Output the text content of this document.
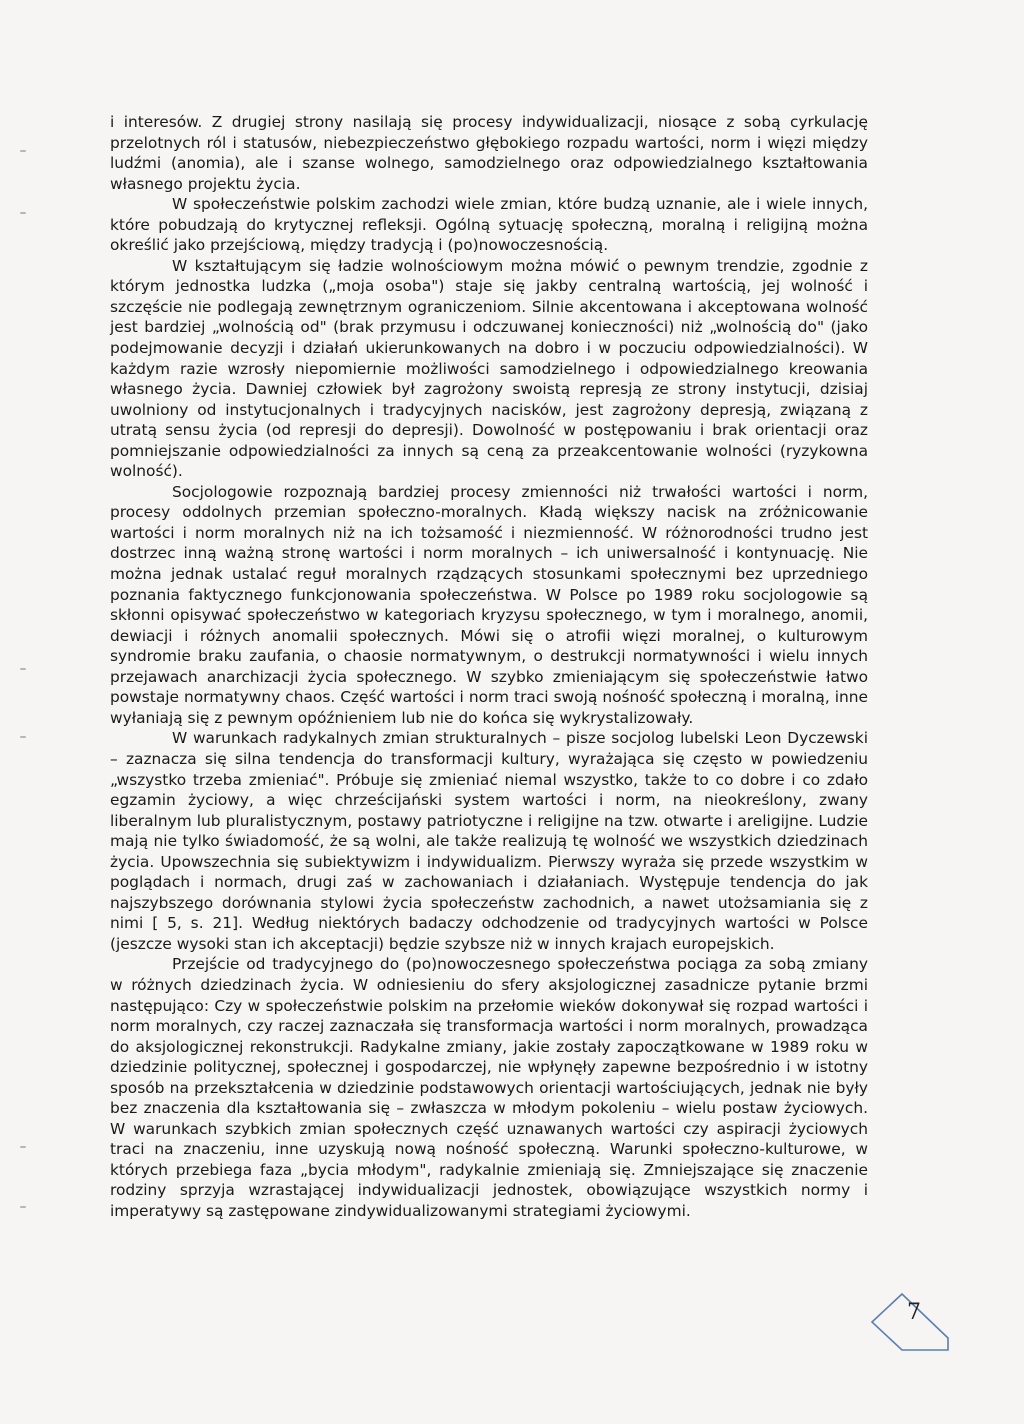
i interesów. Z drugiej strony nasilają się procesy indywidualizacji, niosące z sobą cyrkulację przelotnych ról i statusów, niebezpieczeństwo głębokiego rozpadu wartości, norm i więzi między ludźmi (anomia), ale i szanse wolnego, samodzielnego oraz odpowiedzialnego kształtowania własnego projektu życia.

W społeczeństwie polskim zachodzi wiele zmian, które budzą uznanie, ale i wiele innych, które pobudzają do krytycznej refleksji. Ogólną sytuację społeczną, moralną i religijną można określić jako przejściową, między tradycją i (po)nowoczesnością.

W kształtującym się ładzie wolnościowym można mówić o pewnym trendzie, zgodnie z którym jednostka ludzka („moja osoba") staje się jakby centralną wartością, jej wolność i szczęście nie podlegają zewnętrznym ograniczeniom. Silnie akcentowana i akceptowana wolność jest bardziej „wolnością od" (brak przymusu i odczuwanej konieczności) niż „wolnością do" (jako podejmowanie decyzji i działań ukierunkowanych na dobro i w poczuciu odpowiedzialności). W każdym razie wzrosły niepomiernie możliwości samodzielnego i odpowiedzialnego kreowania własnego życia. Dawniej człowiek był zagrożony swoistą represją ze strony instytucji, dzisiaj uwolniony od instytucjonalnych i tradycyjnych nacisków, jest zagrożony depresją, związaną z utratą sensu życia (od represji do depresji). Dowolność w postępowaniu i brak orientacji oraz pomniejszanie odpowiedzialności za innych są ceną za przeakcentowanie wolności (ryzykowna wolność).

Socjologowie rozpoznają bardziej procesy zmienności niż trwałości wartości i norm, procesy oddolnych przemian społeczno-moralnych. Kładą większy nacisk na zróżnicowanie wartości i norm moralnych niż na ich tożsamość i niezmienność. W różnorodności trudno jest dostrzec inną ważną stronę wartości i norm moralnych – ich uniwersalność i kontynuację. Nie można jednak ustalać reguł moralnych rządzących stosunkami społecznymi bez uprzedniego poznania faktycznego funkcjonowania społeczeństwa. W Polsce po 1989 roku socjologowie są skłonni opisywać społeczeństwo w kategoriach kryzysu społecznego, w tym i moralnego, anomii, dewiacji i różnych anomalii społecznych. Mówi się o atrofii więzi moralnej, o kulturowym syndromie braku zaufania, o chaosie normatywnym, o destrukcji normatywności i wielu innych przejawach anarchizacji życia społecznego. W szybko zmieniającym się społeczeństwie łatwo powstaje normatywny chaos. Część wartości i norm traci swoją nośność społeczną i moralną, inne wyłaniają się z pewnym opóźnieniem lub nie do końca się wykrystalizowały.

W warunkach radykalnych zmian strukturalnych – pisze socjolog lubelski Leon Dyczewski – zaznacza się silna tendencja do transformacji kultury, wyrażająca się często w powiedzeniu „wszystko trzeba zmieniać". Próbuje się zmieniać niemal wszystko, także to co dobre i co zdało egzamin życiowy, a więc chrześcijański system wartości i norm, na nieokreślony, zwany liberalnym lub pluralistycznym, postawy patriotyczne i religijne na tzw. otwarte i areligijne. Ludzie mają nie tylko świadomość, że są wolni, ale także realizują tę wolność we wszystkich dziedzinach życia. Upowszechnia się subiektywizm i indywidualizm. Pierwszy wyraża się przede wszystkim w poglądach i normach, drugi zaś w zachowaniach i działaniach. Występuje tendencja do jak najszybszego dorównania stylowi życia społeczeństw zachodnich, a nawet utożsamiania się z nimi [ 5, s. 21]. Według niektórych badaczy odchodzenie od tradycyjnych wartości w Polsce (jeszcze wysoki stan ich akceptacji) będzie szybsze niż w innych krajach europejskich.

Przejście od tradycyjnego do (po)nowoczesnego społeczeństwa pociąga za sobą zmiany w różnych dziedzinach życia. W odniesieniu do sfery aksjologicznej zasadnicze pytanie brzmi następująco: Czy w społeczeństwie polskim na przełomie wieków dokonywał się rozpad wartości i norm moralnych, czy raczej zaznaczała się transformacja wartości i norm moralnych, prowadząca do aksjologicznej rekonstrukcji. Radykalne zmiany, jakie zostały zapoczątkowane w 1989 roku w dziedzinie politycznej, społecznej i gospodarczej, nie wpłynęły zapewne bezpośrednio i w istotny sposób na przekształcenia w dziedzinie podstawowych orientacji wartościujących, jednak nie były bez znaczenia dla kształtowania się – zwłaszcza w młodym pokoleniu – wielu postaw życiowych. W warunkach szybkich zmian społecznych część uznawanych wartości czy aspiracji życiowych traci na znaczeniu, inne uzyskują nową nośność społeczną. Warunki społeczno-kulturowe, w których przebiega faza „bycia młodym", radykalnie zmieniają się. Zmniejszające się znaczenie rodziny sprzyja wzrastającej indywidualizacji jednostek, obowiązujące wszystkich normy i imperatywy są zastępowane zindywidualizowanymi strategiami życiowymi.

7
